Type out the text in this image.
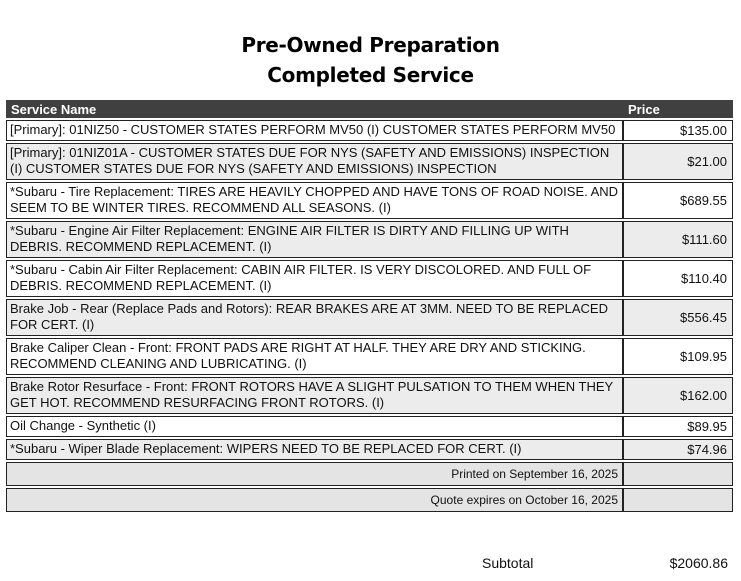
Pre-Owned Preparation
Completed Service
Service Name	Price
[Primary]: 01NIZ50 - CUSTOMER STATES PERFORM MV50 (I) CUSTOMER STATES PERFORM MV50	$135.00
[Primary]: 01NIZ01A - CUSTOMER STATES DUE FOR NYS (SAFETY AND EMISSIONS) INSPECTION (I) CUSTOMER STATES DUE FOR NYS (SAFETY AND EMISSIONS) INSPECTION	$21.00
*Subaru - Tire Replacement: TIRES ARE HEAVILY CHOPPED AND HAVE TONS OF ROAD NOISE. AND SEEM TO BE WINTER TIRES. RECOMMEND ALL SEASONS. (I)	$689.55
*Subaru - Engine Air Filter Replacement: ENGINE AIR FILTER IS DIRTY AND FILLING UP WITH DEBRIS. RECOMMEND REPLACEMENT. (I)	$111.60
*Subaru - Cabin Air Filter Replacement: CABIN AIR FILTER. IS VERY DISCOLORED. AND FULL OF DEBRIS. RECOMMEND REPLACEMENT. (I)	$110.40
Brake Job - Rear (Replace Pads and Rotors): REAR BRAKES ARE AT 3MM. NEED TO BE REPLACED FOR CERT. (I)	$556.45
Brake Caliper Clean - Front: FRONT PADS ARE RIGHT AT HALF. THEY ARE DRY AND STICKING. RECOMMEND CLEANING AND LUBRICATING. (I)	$109.95
Brake Rotor Resurface - Front: FRONT ROTORS HAVE A SLIGHT PULSATION TO THEM WHEN THEY GET HOT. RECOMMEND RESURFACING FRONT ROTORS. (I)	$162.00
Oil Change - Synthetic (I)	$89.95
*Subaru - Wiper Blade Replacement: WIPERS NEED TO BE REPLACED FOR CERT. (I)	$74.96
Printed on September 16, 2025	
Quote expires on October 16, 2025	
Subtotal	$2060.86
